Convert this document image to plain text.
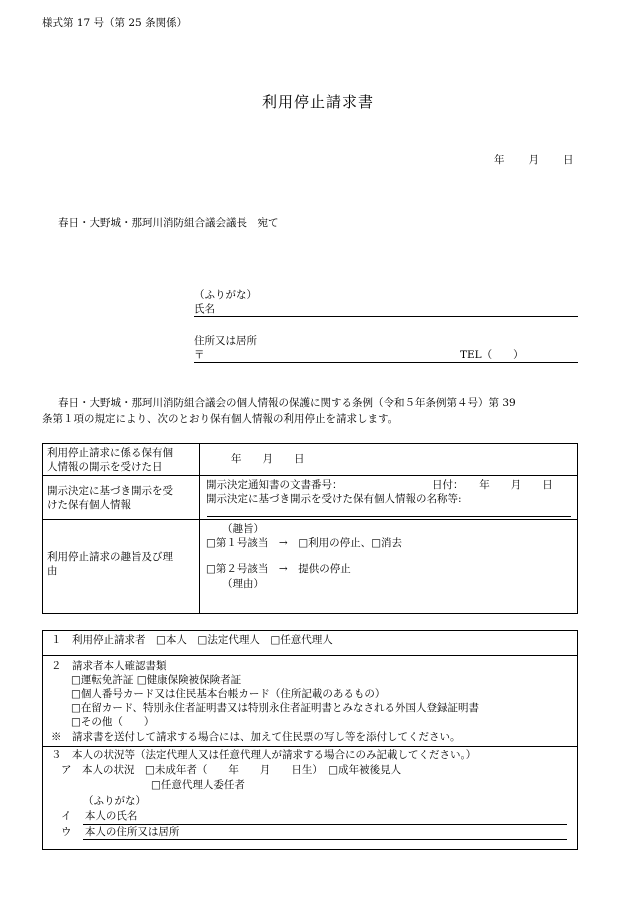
様式第 17 号（第 25 条関係）
利用停止請求書
年　　月　　日
春日・大野城・那珂川消防組合議会議長　宛て
（ふりがな）
氏名
住所又は居所
〒	TEL（　　）
春日・大野城・那珂川消防組合議会の個人情報の保護に関する条例（令和５年条例第４号）第 39
条第１項の規定により、次のとおり保有個人情報の利用停止を請求します。
利用停止請求に係る保有個
人情報の開示を受けた日
年　　月　　日
開示決定に基づき開示を受
けた保有個人情報
開示決定通知書の文書番号：	日付：　　年　　月　　日
開示決定に基づき開示を受けた保有個人情報の名称等:
利用停止請求の趣旨及び理
由
（趣旨）
□第１号該当　→　□利用の停止、□消去
□第２号該当　→　提供の停止
（理由）
１　利用停止請求者　□本人　□法定代理人　□任意代理人
２　請求者本人確認書類
□運転免許証 □健康保険被保険者証
□個人番号カード又は住民基本台帳カード（住所記載のあるもの）
□在留カード、特別永住者証明書又は特別永住者証明書とみなされる外国人登録証明書
□その他（　　）
※　請求書を送付して請求する場合には、加えて住民票の写し等を添付してください。
３　本人の状況等（法定代理人又は任意代理人が請求する場合にのみ記載してください。）
ア　本人の状況　□未成年者（　　年　　月　　日生）　□成年被後見人
□任意代理人委任者
（ふりがな）
イ 本人の氏名
ウ 本人の住所又は居所
